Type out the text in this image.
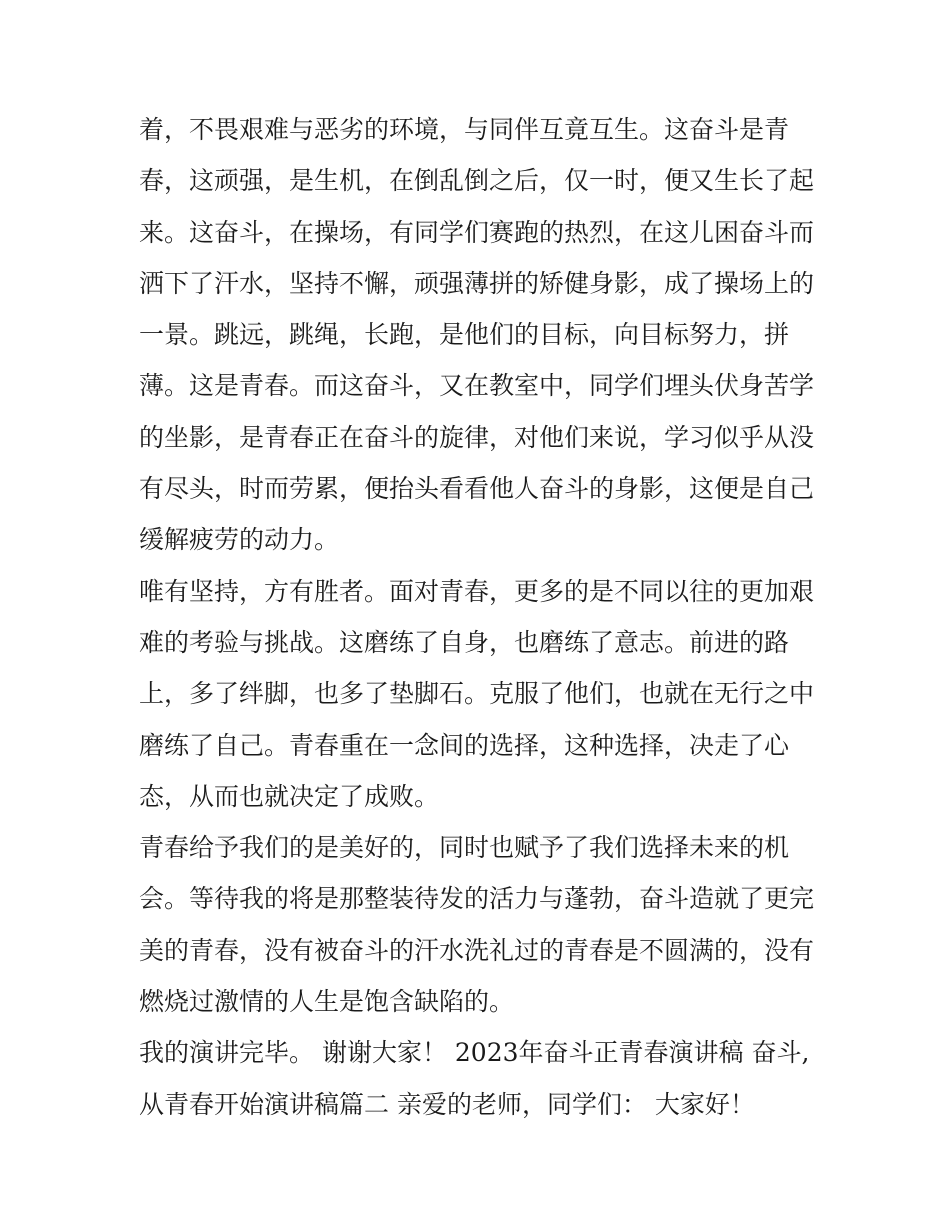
着，不畏艰难与恶劣的环境，与同伴互竟互生。这奋斗是青
春，这顽强，是生机，在倒乱倒之后，仅一时，便又生长了起
来。这奋斗，在操场，有同学们赛跑的热烈，在这儿困奋斗而
洒下了汗水，坚持不懈，顽强薄拼的矫健身影，成了操场上的
一景。跳远，跳绳，长跑，是他们的目标，向目标努力，拼
薄。这是青春。而这奋斗，又在教室中，同学们埋头伏身苦学
的坐影，是青春正在奋斗的旋律，对他们来说，学习似乎从没
有尽头，时而劳累，便抬头看看他人奋斗的身影，这便是自己
缓解疲劳的动力。
唯有坚持，方有胜者。面对青春，更多的是不同以往的更加艰
难的考验与挑战。这磨练了自身，也磨练了意志。前进的路
上，多了绊脚，也多了垫脚石。克服了他们，也就在无行之中
磨练了自己。青春重在一念间的选择，这种选择，决走了心
态，从而也就决定了成败。
青春给予我们的是美好的，同时也赋予了我们选择未来的机
会。等待我的将是那整装待发的活力与蓬勃，奋斗造就了更完
美的青春，没有被奋斗的汗水洗礼过的青春是不圆满的，没有
燃烧过激情的人生是饱含缺陷的。
我的演讲完毕。 谢谢大家！ 2023年奋斗正青春演讲稿 奋斗,
从青春开始演讲稿篇二 亲爱的老师，同学们： 大家好！
